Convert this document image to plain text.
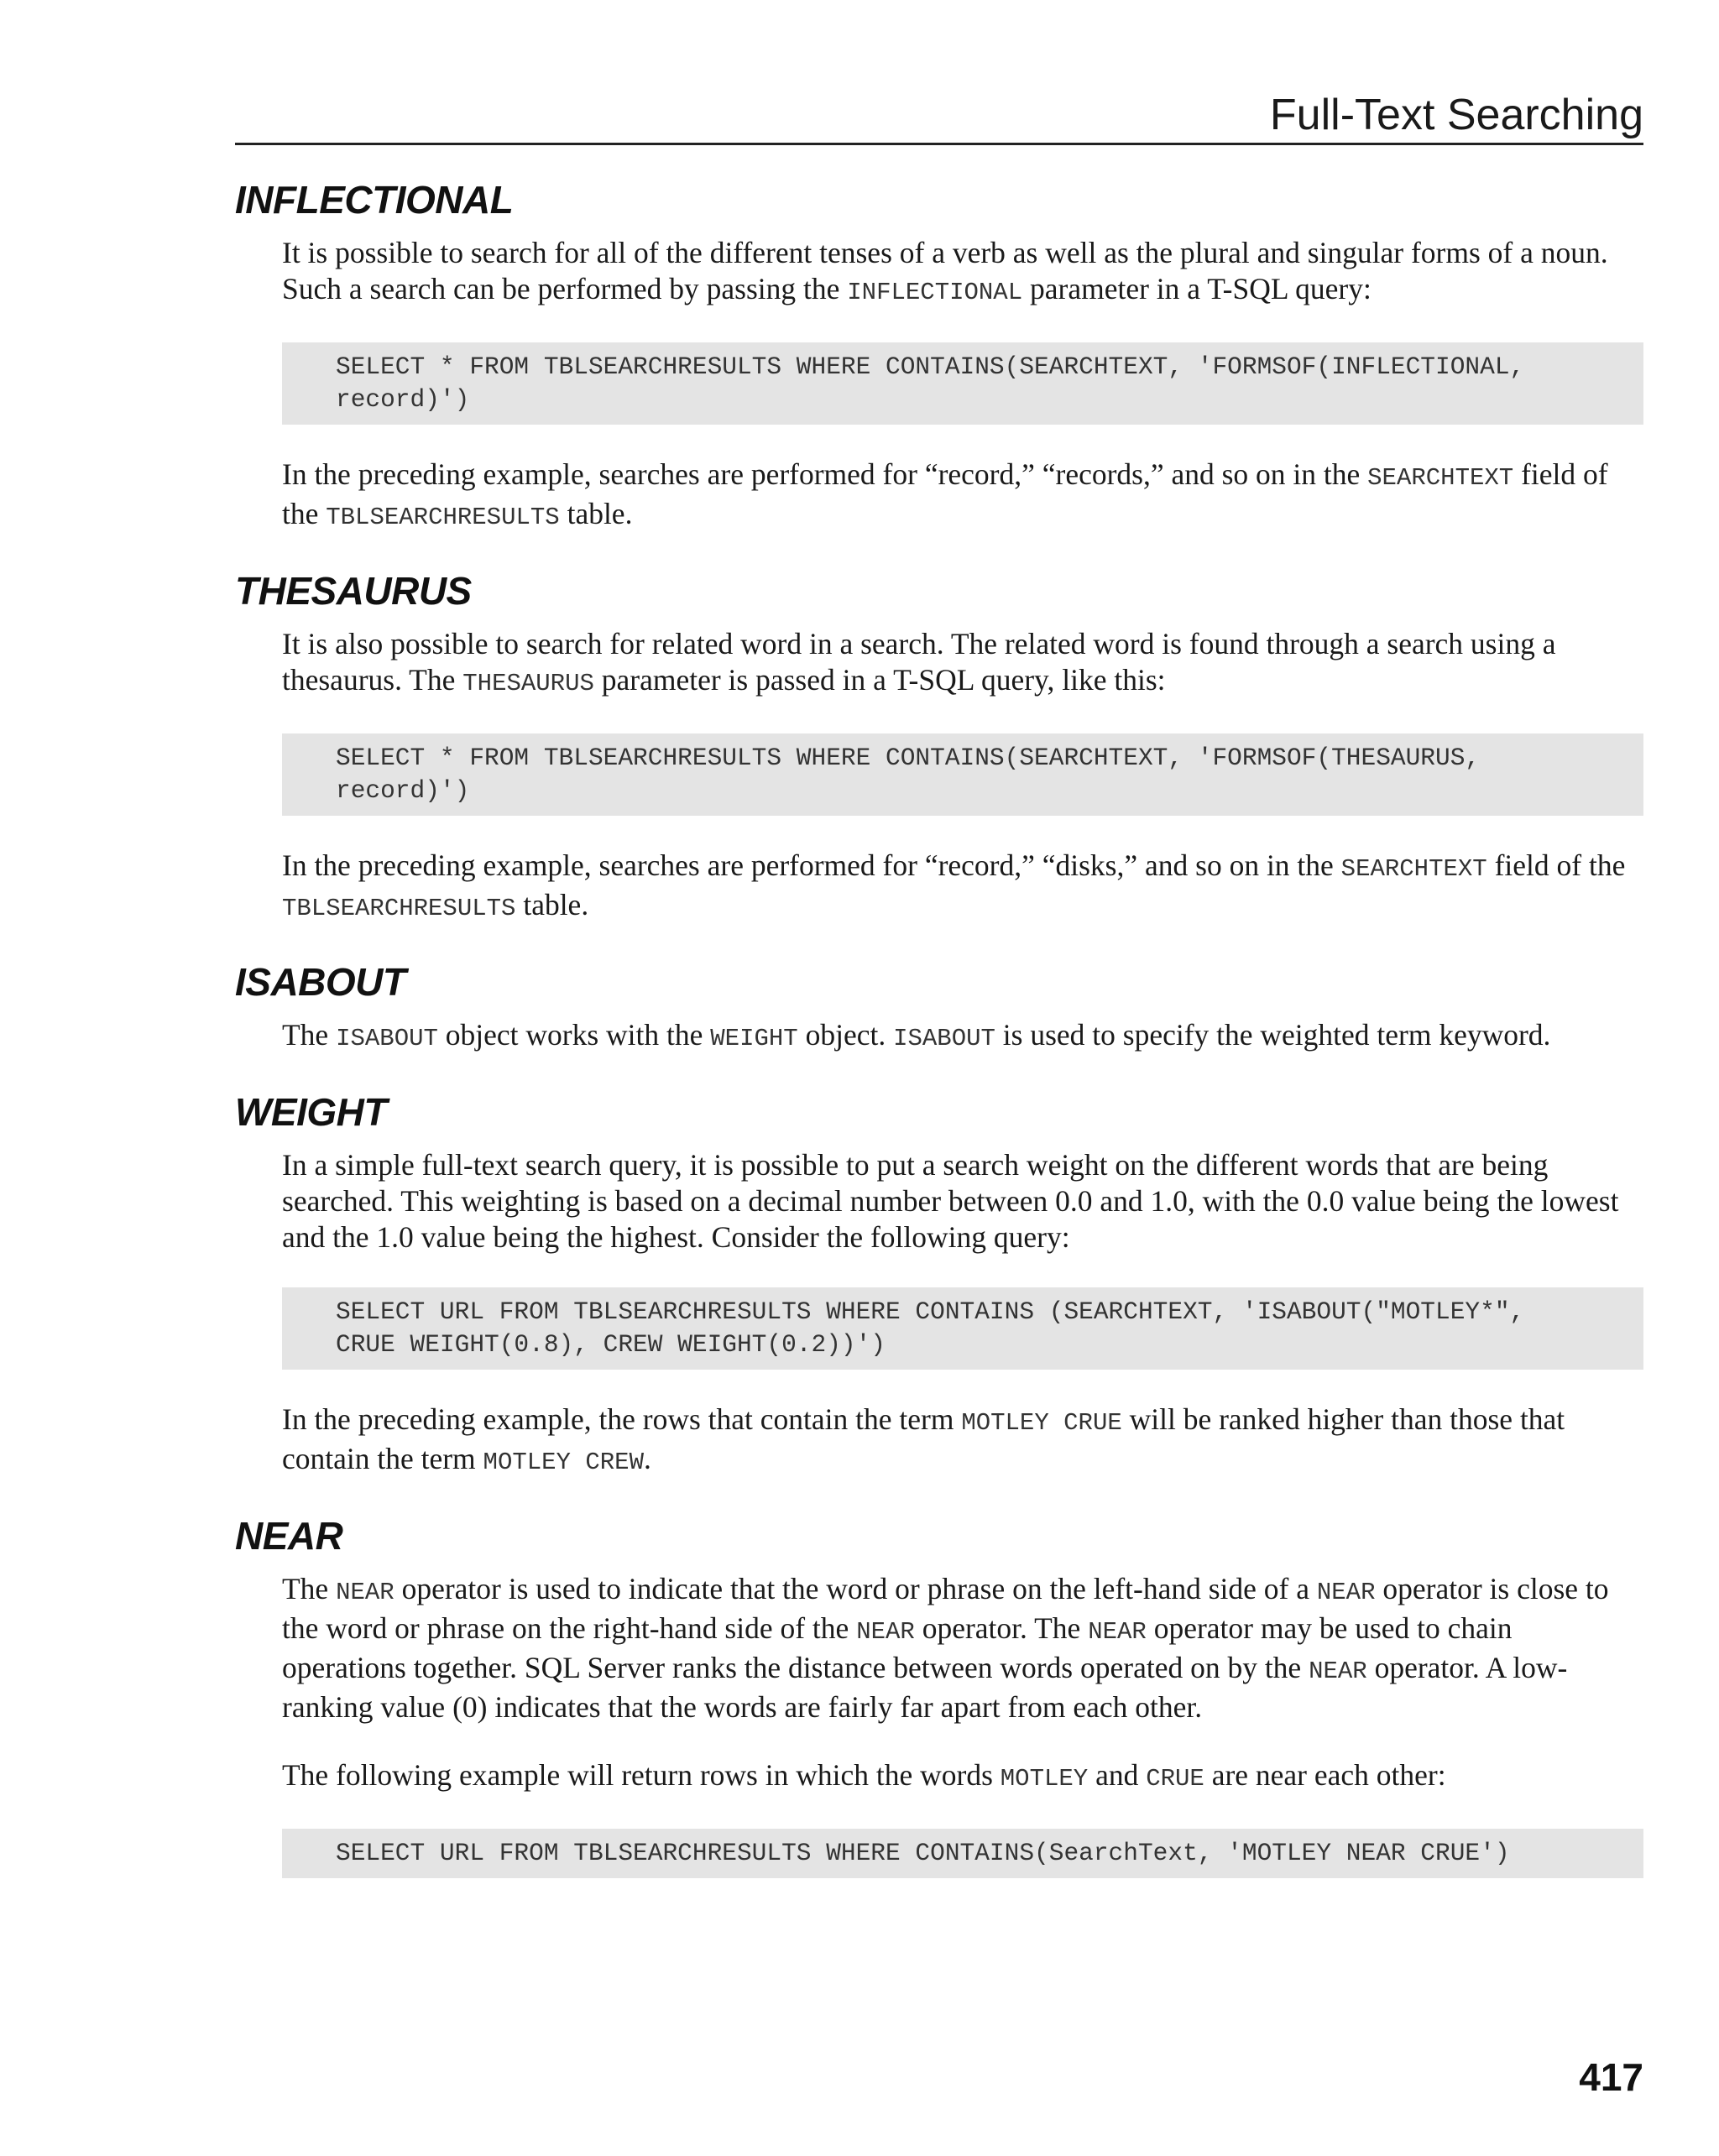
Full-Text Searching
INFLECTIONAL

It is possible to search for all of the different tenses of a verb as well as the plural and singular forms of a noun. Such a search can be performed by passing the INFLECTIONAL parameter in a T-SQL query:

SELECT * FROM TBLSEARCHRESULTS WHERE CONTAINS(SEARCHTEXT, 'FORMSOF(INFLECTIONAL,
record)')

In the preceding example, searches are performed for “record,” “records,” and so on in the SEARCHTEXT field of the TBLSEARCHRESULTS table.

THESAURUS

It is also possible to search for related word in a search. The related word is found through a search using a thesaurus. The THESAURUS parameter is passed in a T-SQL query, like this:

SELECT * FROM TBLSEARCHRESULTS WHERE CONTAINS(SEARCHTEXT, 'FORMSOF(THESAURUS,
record)')

In the preceding example, searches are performed for “record,” “disks,” and so on in the SEARCHTEXT field of the TBLSEARCHRESULTS table.

ISABOUT

The ISABOUT object works with the WEIGHT object. ISABOUT is used to specify the weighted term keyword.

WEIGHT

In a simple full-text search query, it is possible to put a search weight on the different words that are being searched. This weighting is based on a decimal number between 0.0 and 1.0, with the 0.0 value being the lowest and the 1.0 value being the highest. Consider the following query:

SELECT URL FROM TBLSEARCHRESULTS WHERE CONTAINS (SEARCHTEXT, 'ISABOUT("MOTLEY*",
CRUE WEIGHT(0.8), CREW WEIGHT(0.2))')

In the preceding example, the rows that contain the term MOTLEY CRUE will be ranked higher than those that contain the term MOTLEY CREW.

NEAR

The NEAR operator is used to indicate that the word or phrase on the left-hand side of a NEAR operator is close to the word or phrase on the right-hand side of the NEAR operator. The NEAR operator may be used to chain operations together. SQL Server ranks the distance between words operated on by the NEAR operator. A low-ranking value (0) indicates that the words are fairly far apart from each other.

The following example will return rows in which the words MOTLEY and CRUE are near each other:

SELECT URL FROM TBLSEARCHRESULTS WHERE CONTAINS(SearchText, 'MOTLEY NEAR CRUE')
417
